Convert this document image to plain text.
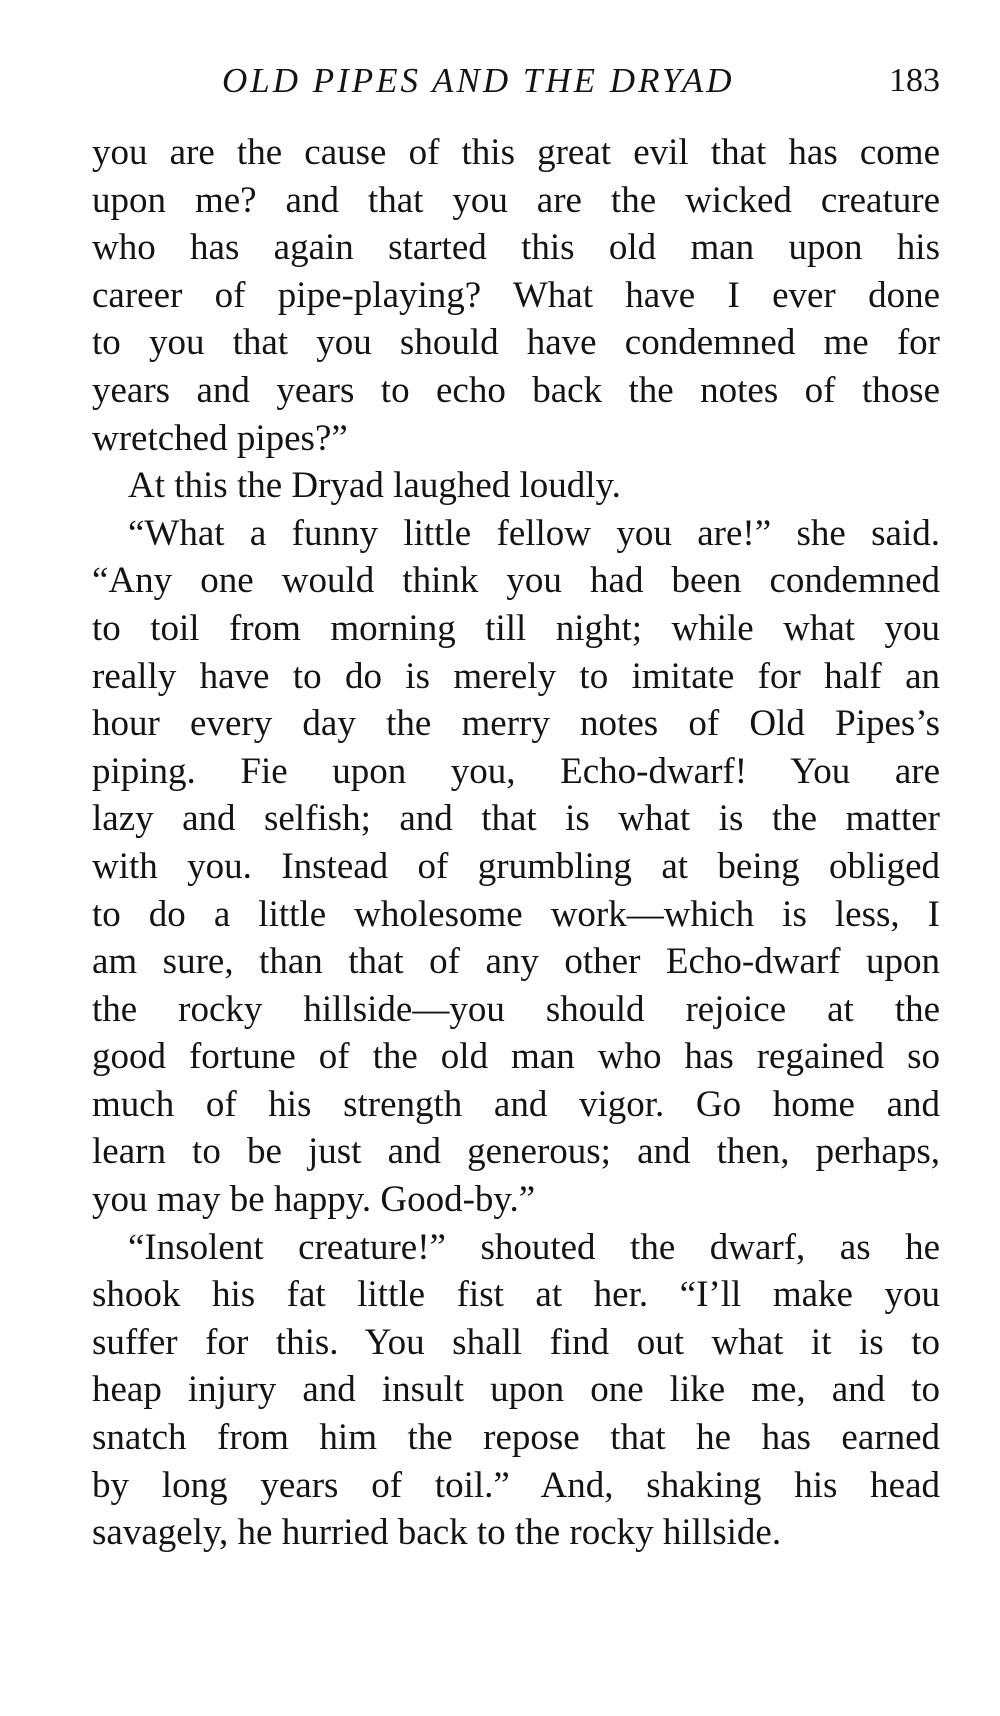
OLD PIPES AND THE DRYAD	183
you are the cause of this great evil that has come
upon me? and that you are the wicked creature
who has again started this old man upon his
career of pipe-playing? What have I ever done
to you that you should have condemned me for
years and years to echo back the notes of those
wretched pipes?”
At this the Dryad laughed loudly.
“What a funny little fellow you are!” she said.
“Any one would think you had been condemned
to toil from morning till night; while what you
really have to do is merely to imitate for half an
hour every day the merry notes of Old Pipes’s
piping. Fie upon you, Echo-dwarf! You are
lazy and selfish; and that is what is the matter
with you. Instead of grumbling at being obliged
to do a little wholesome work—which is less, I
am sure, than that of any other Echo-dwarf upon
the rocky hillside—you should rejoice at the
good fortune of the old man who has regained so
much of his strength and vigor. Go home and
learn to be just and generous; and then, perhaps,
you may be happy. Good-by.”
“Insolent creature!” shouted the dwarf, as he
shook his fat little fist at her. “I’ll make you
suffer for this. You shall find out what it is to
heap injury and insult upon one like me, and to
snatch from him the repose that he has earned
by long years of toil.” And, shaking his head
savagely, he hurried back to the rocky hillside.
